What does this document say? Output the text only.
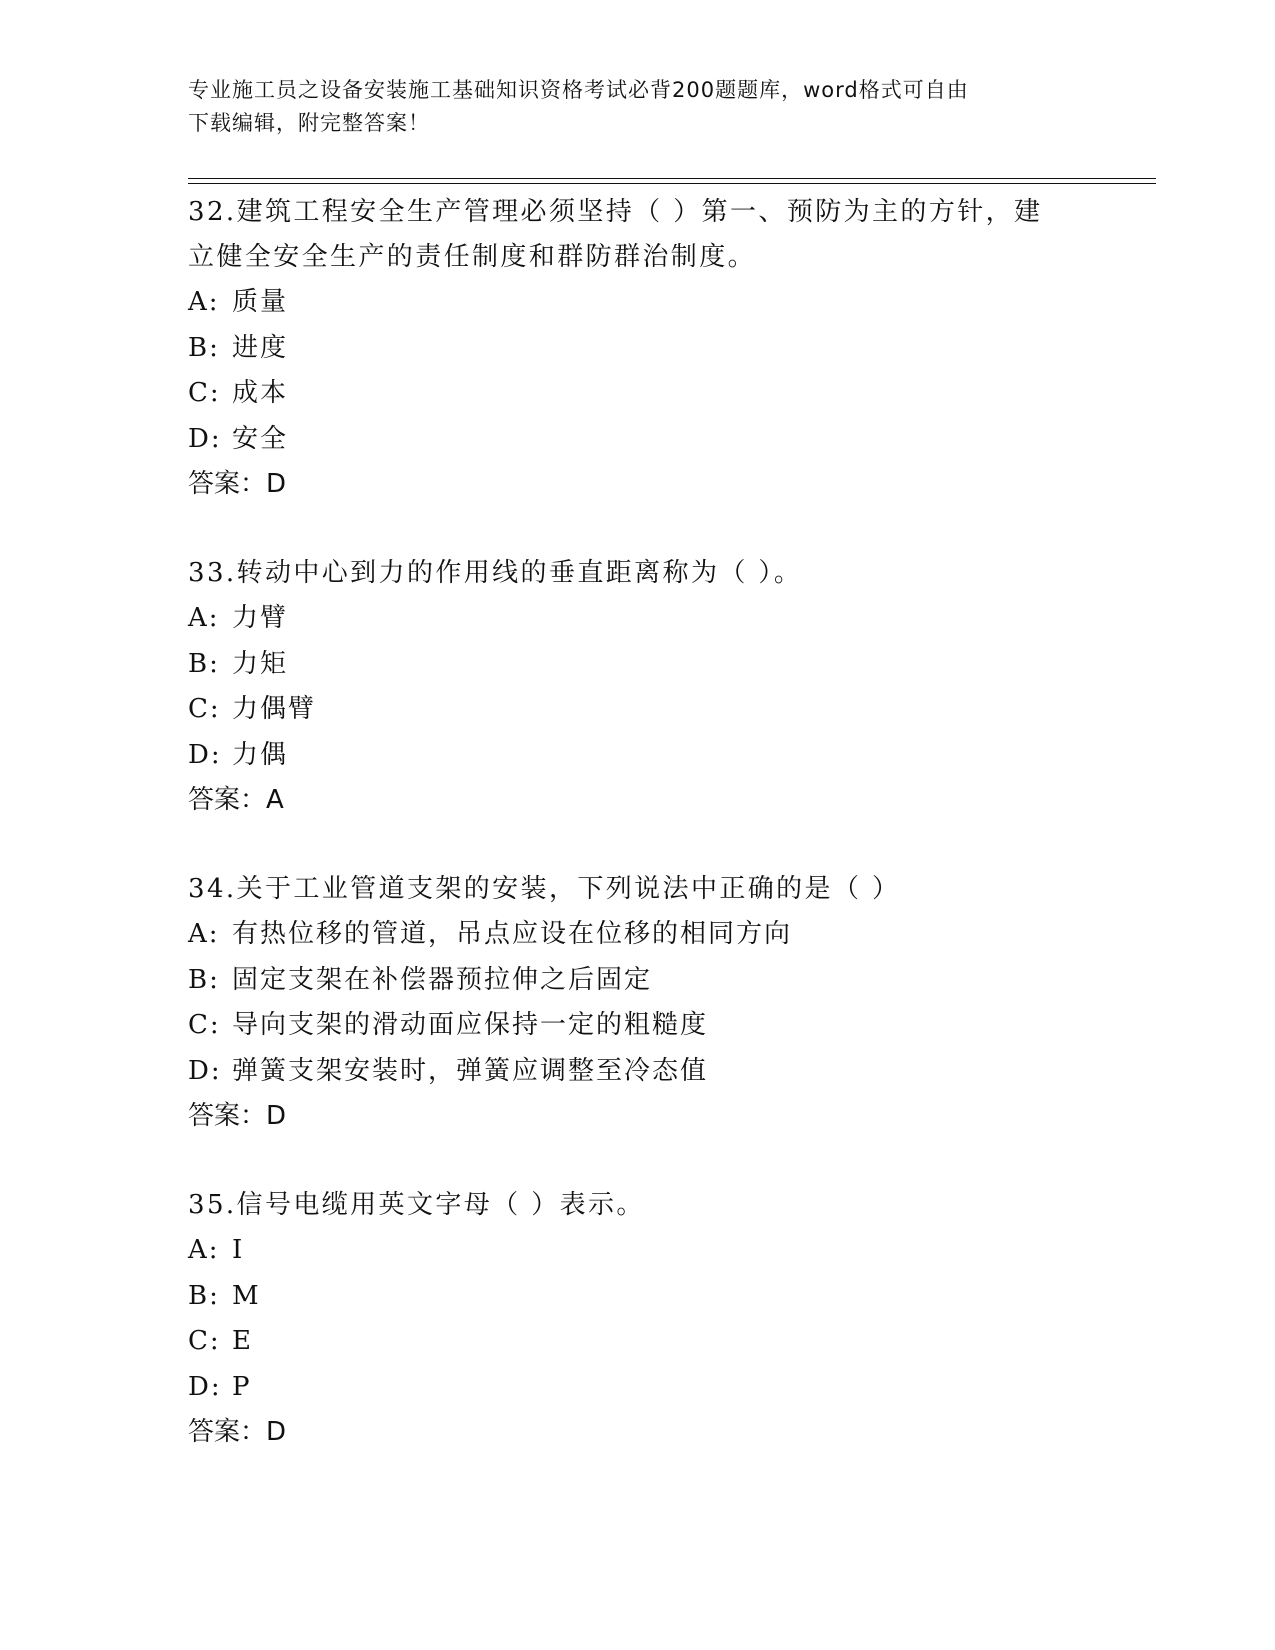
专业施工员之设备安装施工基础知识资格考试必背200题题库，word格式可自由
下载编辑，附完整答案！

32.建筑工程安全生产管理必须坚持（ ）第一、预防为主的方针，建

立健全安全生产的责任制度和群防群治制度。

A: 质量

B: 进度

C: 成本

D: 安全

答案：D

33.转动中心到力的作用线的垂直距离称为（ ）。

A: 力臂

B: 力矩

C: 力偶臂

D: 力偶

答案：A

34.关于工业管道支架的安装，下列说法中正确的是（ ）

A: 有热位移的管道，吊点应设在位移的相同方向

B: 固定支架在补偿器预拉伸之后固定

C: 导向支架的滑动面应保持一定的粗糙度

D: 弹簧支架安装时，弹簧应调整至冷态值

答案：D

35.信号电缆用英文字母（ ）表示。

A: I

B: M

C: E

D: P

答案：D
